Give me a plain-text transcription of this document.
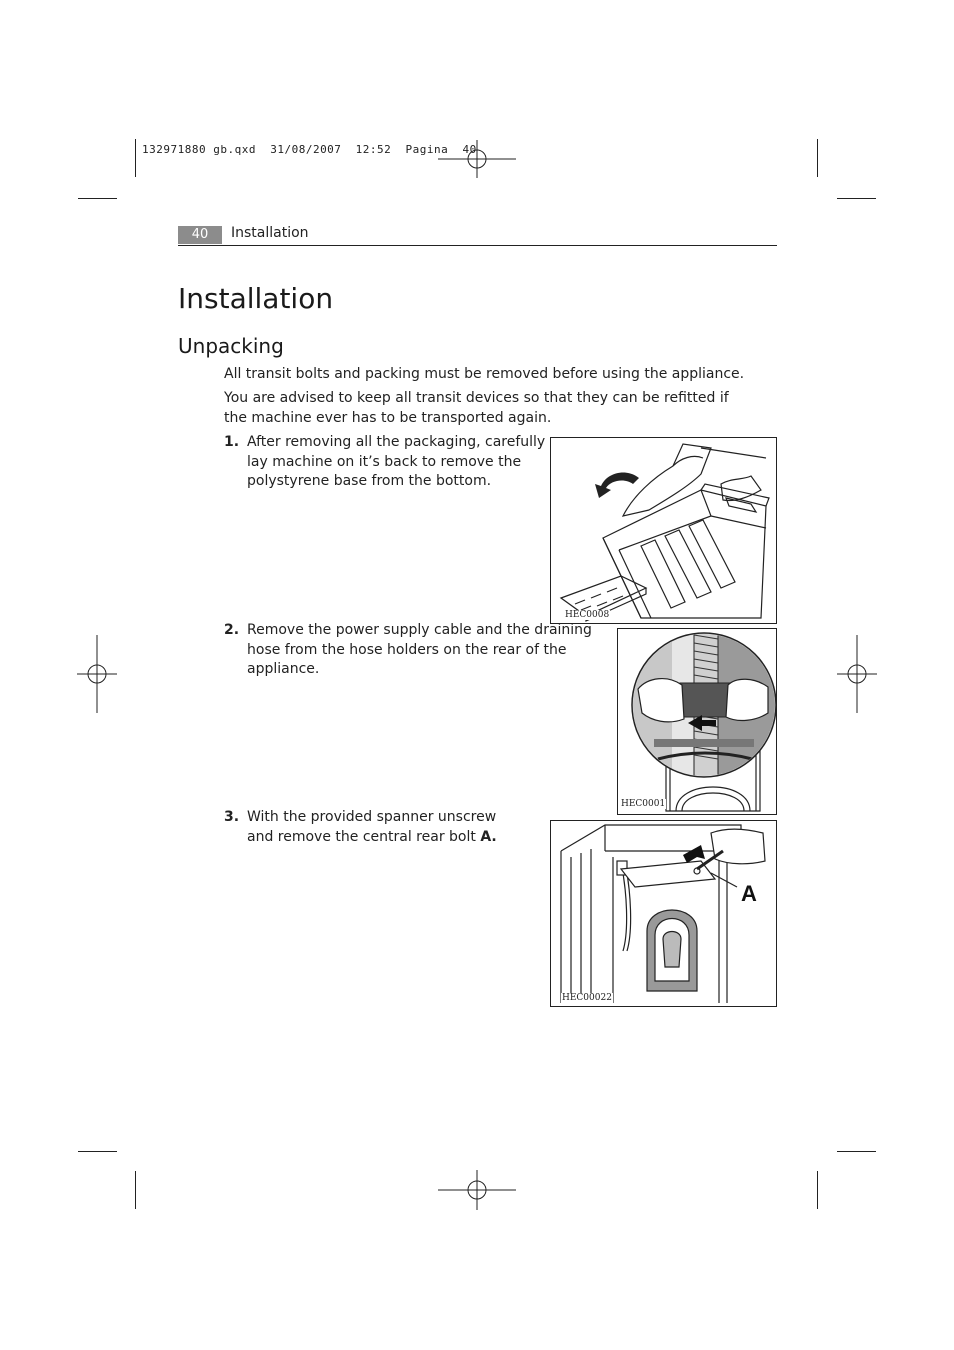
132971880 gb.qxd  31/08/2007  12:52  Pagina  40
40	Installation
Installation
Unpacking
All transit bolts and packing must be removed before using the appliance.
You are advised to keep all transit devices so that they can be refitted if the machine ever has to be transported again.
1. After removing all the packaging, carefully lay machine on it’s back to remove the polystyrene base from the bottom.
HEC0008
2. Remove the power supply cable and the draining hose from the hose holders on the rear of the appliance.
HEC0001
3. With the provided spanner unscrew and remove the central rear bolt A.
A
HEC00022
